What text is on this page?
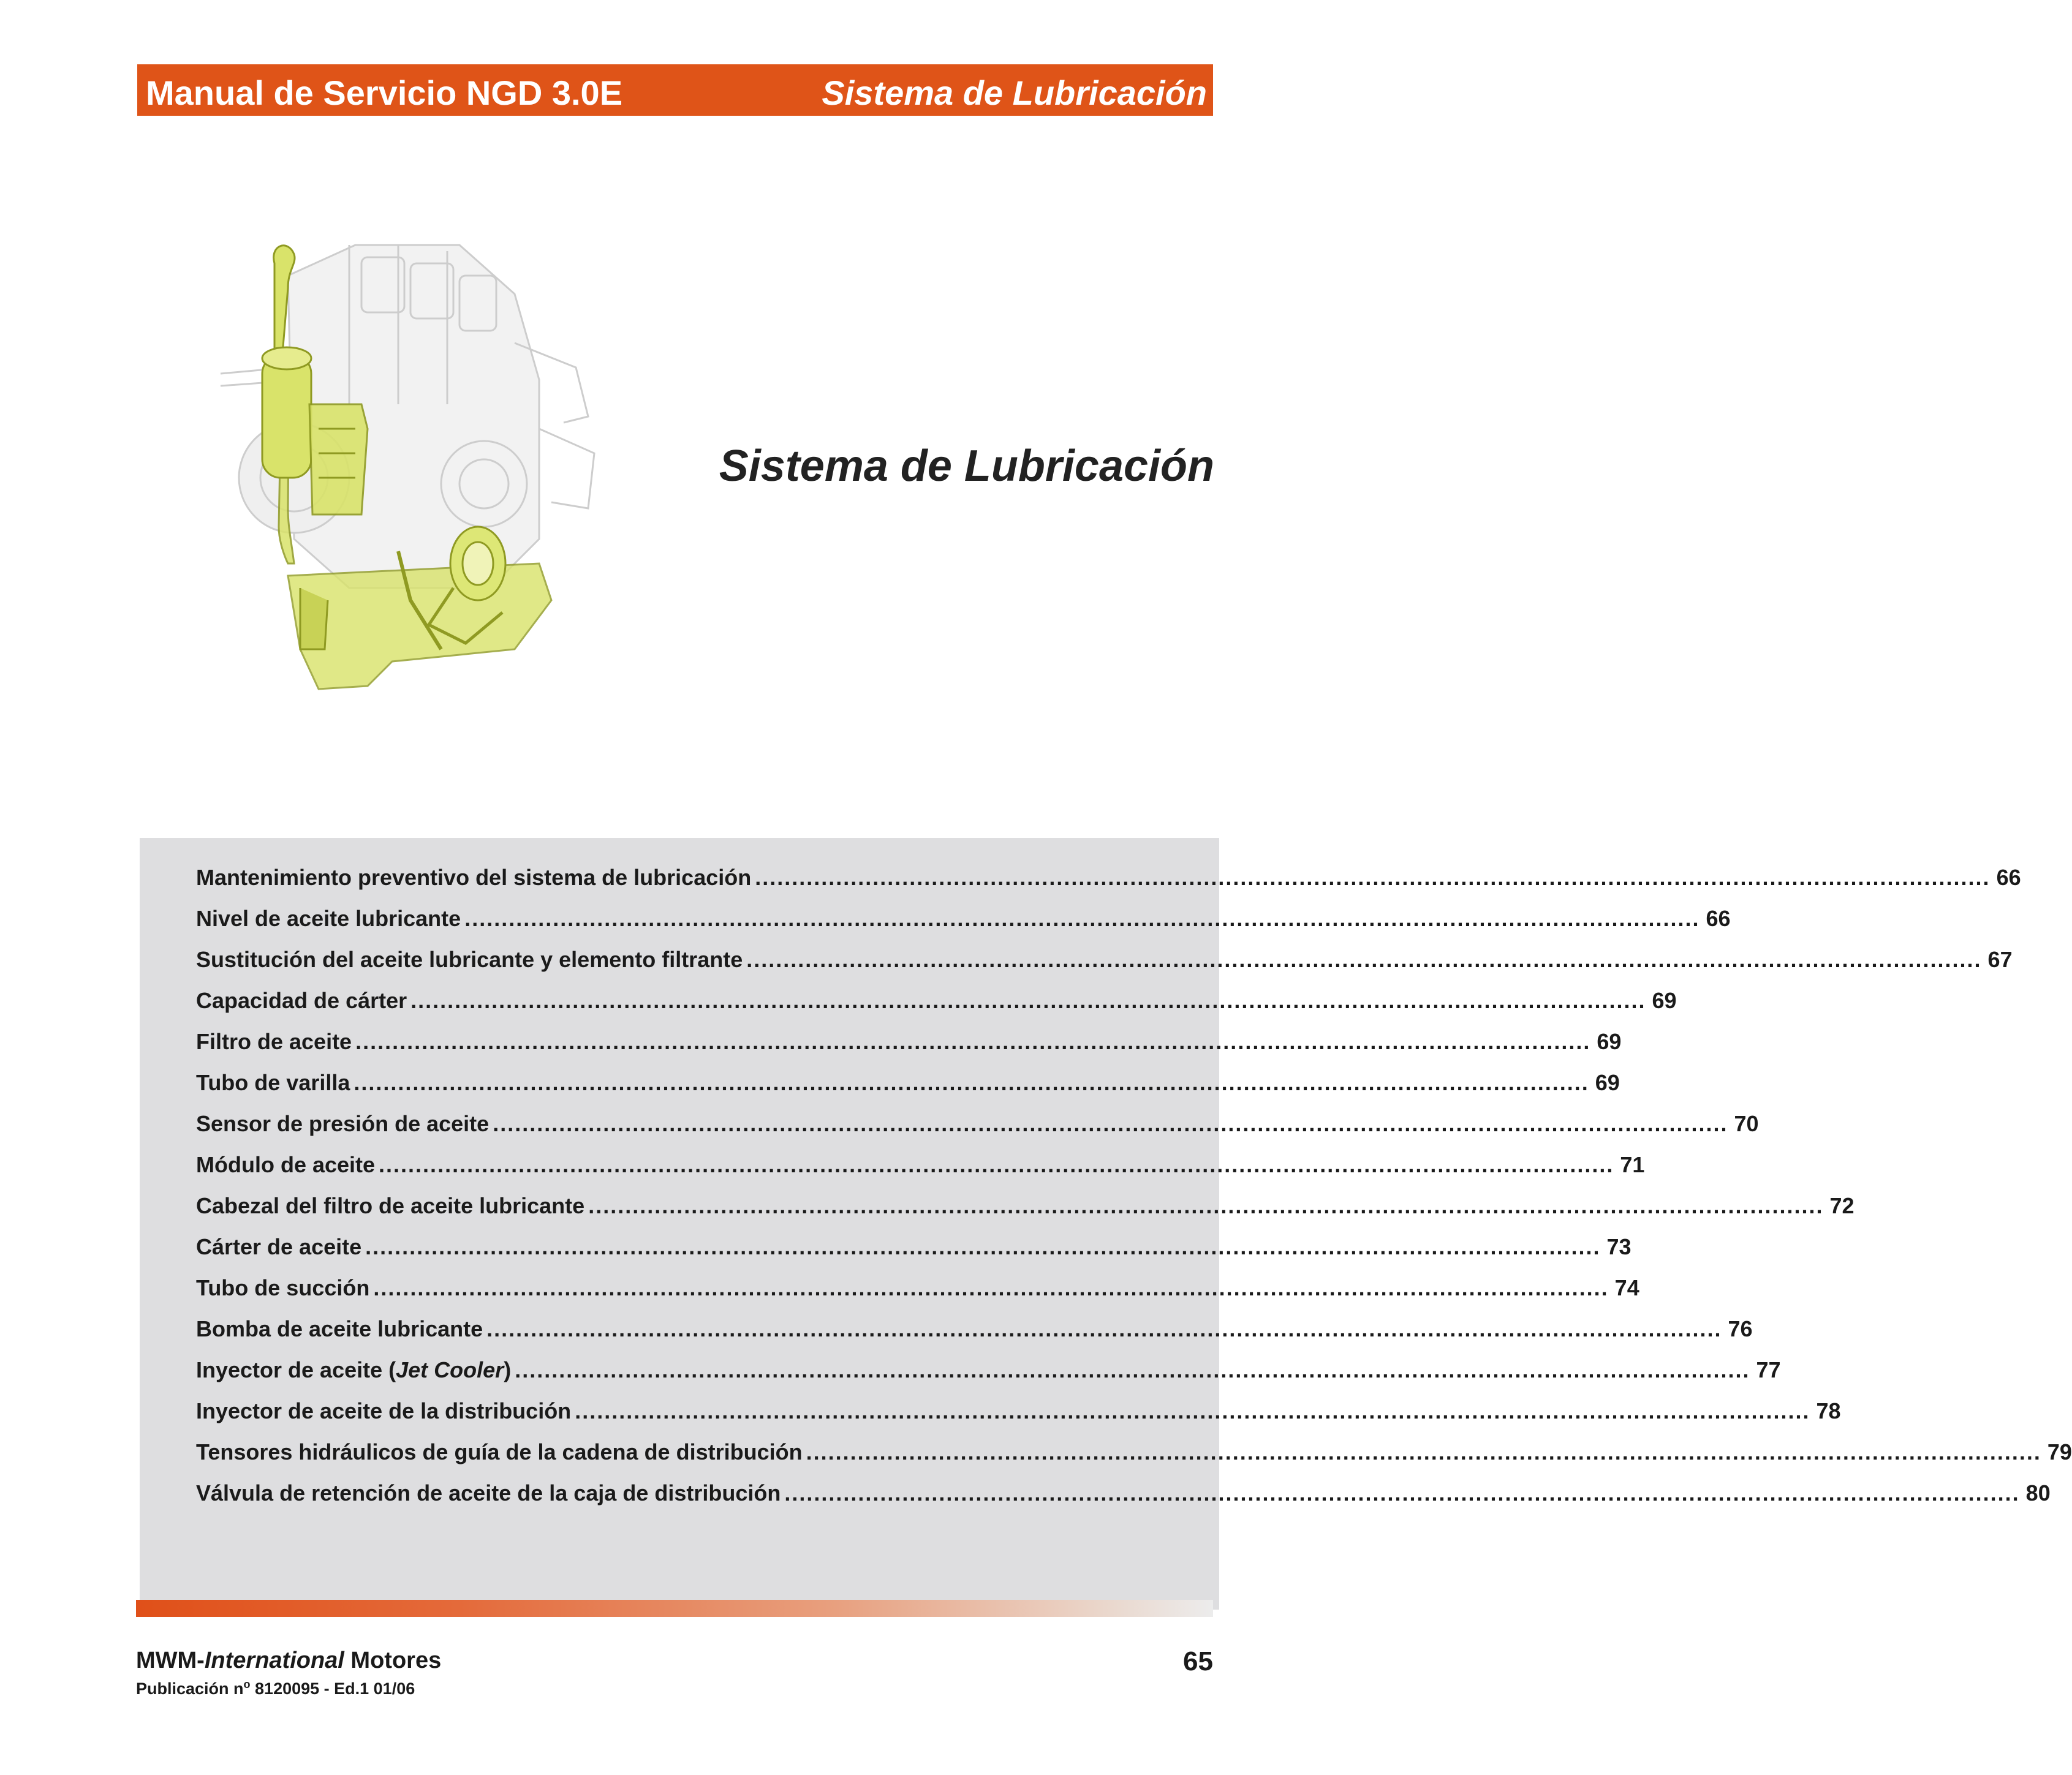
Manual de Servicio NGD 3.0E	Sistema de Lubricación
Sistema de Lubricación
Mantenimiento preventivo del sistema de lubricación ........................................................................................................................................................................ 66
Nivel de aceite lubricante ........................................................................................................................................................................ 66
Sustitución del aceite lubricante y elemento filtrante ........................................................................................................................................................................ 67
Capacidad de cárter ........................................................................................................................................................................ 69
Filtro de aceite ........................................................................................................................................................................ 69
Tubo de varilla ........................................................................................................................................................................ 69
Sensor de presión de aceite ........................................................................................................................................................................ 70
Módulo de aceite ........................................................................................................................................................................ 71
Cabezal del filtro de aceite lubricante ........................................................................................................................................................................ 72
Cárter de aceite ........................................................................................................................................................................ 73
Tubo de succión ........................................................................................................................................................................ 74
Bomba de aceite lubricante ........................................................................................................................................................................ 76
Inyector de aceite (Jet Cooler) ........................................................................................................................................................................ 77
Inyector de aceite de la distribución ........................................................................................................................................................................ 78
Tensores hidráulicos de guía de la cadena de distribución ........................................................................................................................................................................ 79
Válvula de retención de aceite de la caja de distribución ........................................................................................................................................................................ 80
MWM-International Motores
Publicación $n^o$ 8120095 - Ed.1 01/06
65
